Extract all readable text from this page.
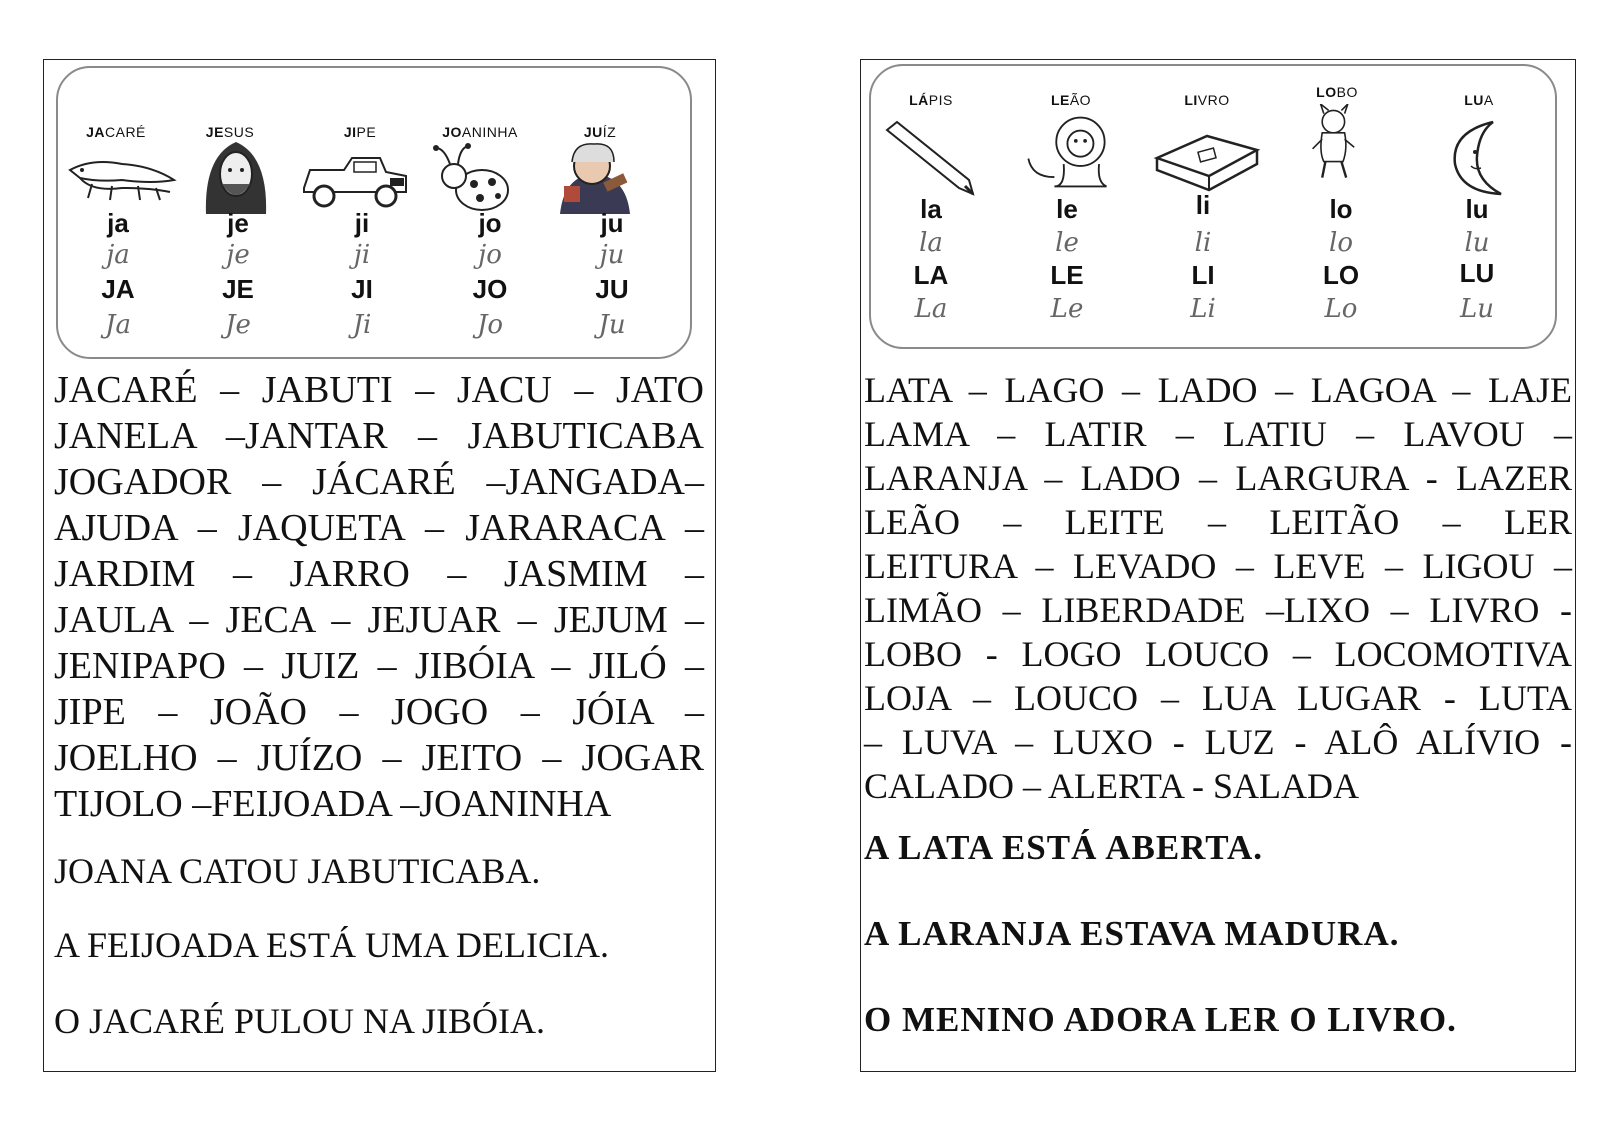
JACARÉ	JESUS	JIPE	JOANINHA	JUÍZ
ja	je	ji	jo	ju
ja	je	ji	jo	ju
JA	JE	JI	JO	JU
Ja	Je	Ji	Jo	Ju

JACARÉ – JABUTI – JACU – JATO
JANELA –JANTAR – JABUTICABA
JOGADOR – JÁCARÉ –JANGADA–
AJUDA – JAQUETA – JARARACA –
JARDIM – JARRO – JASMIM –
JAULA – JECA – JEJUAR – JEJUM –
JENIPAPO – JUIZ – JIBÓIA – JILÓ –
JIPE – JOÃO – JOGO – JÓIA –
JOELHO – JUÍZO – JEITO – JOGAR
TIJOLO –FEIJOADA –JOANINHA

JOANA CATOU JABUTICABA.

A FEIJOADA ESTÁ UMA DELICIA.

O JACARÉ PULOU NA JIBÓIA.

LÁPIS	LEÃO	LIVRO	LOBO	LUA
la	le	li	lo	lu
la	le	li	lo	lu
LA	LE	LI	LO	LU
La	Le	Li	Lo	Lu

LATA – LAGO – LADO – LAGOA – LAJE
LAMA – LATIR – LATIU – LAVOU –
LARANJA – LADO – LARGURA - LAZER
LEÃO – LEITE – LEITÃO – LER
LEITURA – LEVADO – LEVE – LIGOU –
LIMÃO – LIBERDADE –LIXO – LIVRO -
LOBO - LOGO LOUCO – LOCOMOTIVA
LOJA – LOUCO – LUA LUGAR - LUTA
– LUVA – LUXO - LUZ - ALÔ ALÍVIO -
CALADO – ALERTA - SALADA

A LATA ESTÁ ABERTA.

A LARANJA ESTAVA MADURA.

O MENINO ADORA LER O LIVRO.
